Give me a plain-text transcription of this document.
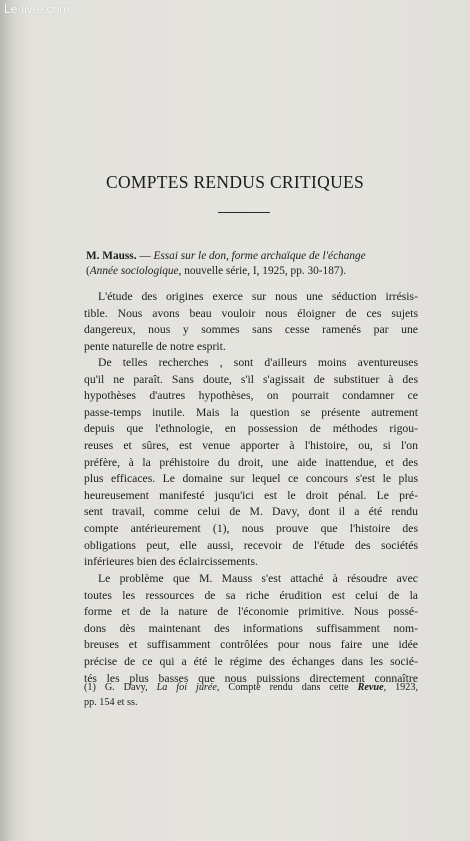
Le-livre.com
COMPTES RENDUS CRITIQUES
M. Mauss. — Essai sur le don, forme archaïque de l'échange
(Année sociologique, nouvelle série, I, 1925, pp. 30-187).
L'étude des origines exerce sur nous une séduction irrésis-
tible. Nous avons beau vouloir nous éloigner de ces sujets
dangereux, nous y sommes sans cesse ramenés par une
pente naturelle de notre esprit.
De telles recherches , sont d'ailleurs moins aventureuses
qu'il ne paraît. Sans doute, s'il s'agissait de substituer à des
hypothèses d'autres hypothèses, on pourrait condamner ce
passe-temps inutile. Mais la question se présente autrement
depuis que l'ethnologie, en possession de méthodes rigou-
reuses et sûres, est venue apporter à l'histoire, ou, si l'on
préfère, à la préhistoire du droit, une aide inattendue, et des
plus efficaces. Le domaine sur lequel ce concours s'est le plus
heureusement manifesté jusqu'ici est le droit pénal. Le pré-
sent travail, comme celui de M. Davy, dont il a été rendu
compte antérieurement (1), nous prouve que l'histoire des
obligations peut, elle aussi, recevoir de l'étude des sociétés
inférieures bien des éclaircissements.
Le problème que M. Mauss s'est attaché à résoudre avec
toutes les ressources de sa riche érudition est celui de la
forme et de la nature de l'économie primitive. Nous possé-
dons dès maintenant des informations suffisamment nom-
breuses et suffisamment contrôlées pour nous faire une idée
précise de ce qui a été le régime des échanges dans les socié-
tés les plus basses que nous puissions directement connaître
(1) G. Davy, La foi jurée, Compte rendu dans cette Revue, 1923,
pp. 154 et ss.
